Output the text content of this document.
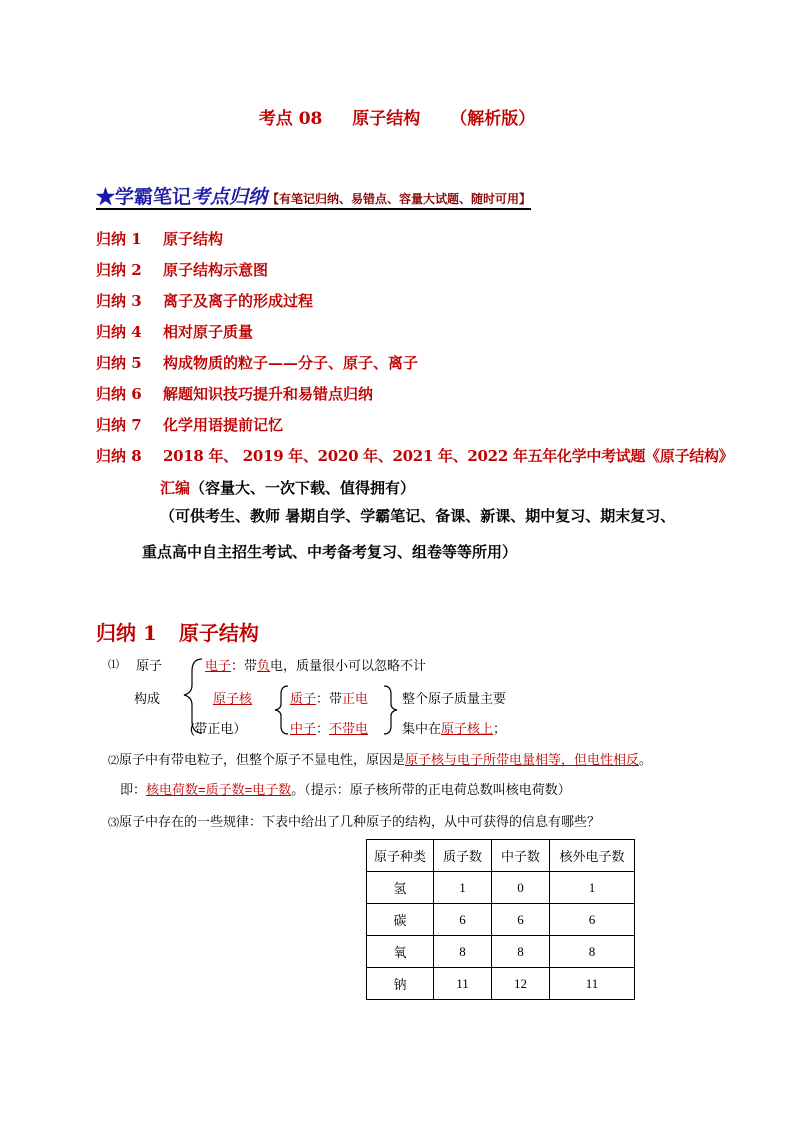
考点 08 原子结构 （解析版）
★学霸笔记考点归纳【有笔记归纳、易错点、容量大试题、随时可用】
归纳 1 原子结构
归纳 2 原子结构示意图
归纳 3 离子及离子的形成过程
归纳 4 相对原子质量
归纳 5 构成物质的粒子——分子、原子、离子
归纳 6 解题知识技巧提升和易错点归纳
归纳 7 化学用语提前记忆
归纳 8 2018 年、 2019 年、2020 年、2021 年、2022 年五年化学中考试题《原子结构》
汇编（容量大、一次下载、值得拥有）
（可供考生、教师 暑期自学、学霸笔记、备课、新课、期中复习、期末复习、
重点高中自主招生考试、中考备考复习、组卷等等所用）
归纳 1 原子结构
⑴ 原子
构成
电子：带负电，质量很小可以忽略不计
原子核
(带正电）
质子：带正电
中子：不带电
整个原子质量主要
集中在原子核上；
⑵原子中有带电粒子，但整个原子不显电性，原因是原子核与电子所带电量相等，但电性相反。
即：核电荷数=质子数=电子数。（提示：原子核所带的正电荷总数叫核电荷数）
⑶原子中存在的一些规律：下表中给出了几种原子的结构，从中可获得的信息有哪些？
原子种类	质子数	中子数	核外电子数
氢	1	0	1
碳	6	6	6
氧	8	8	8
钠	11	12	11
